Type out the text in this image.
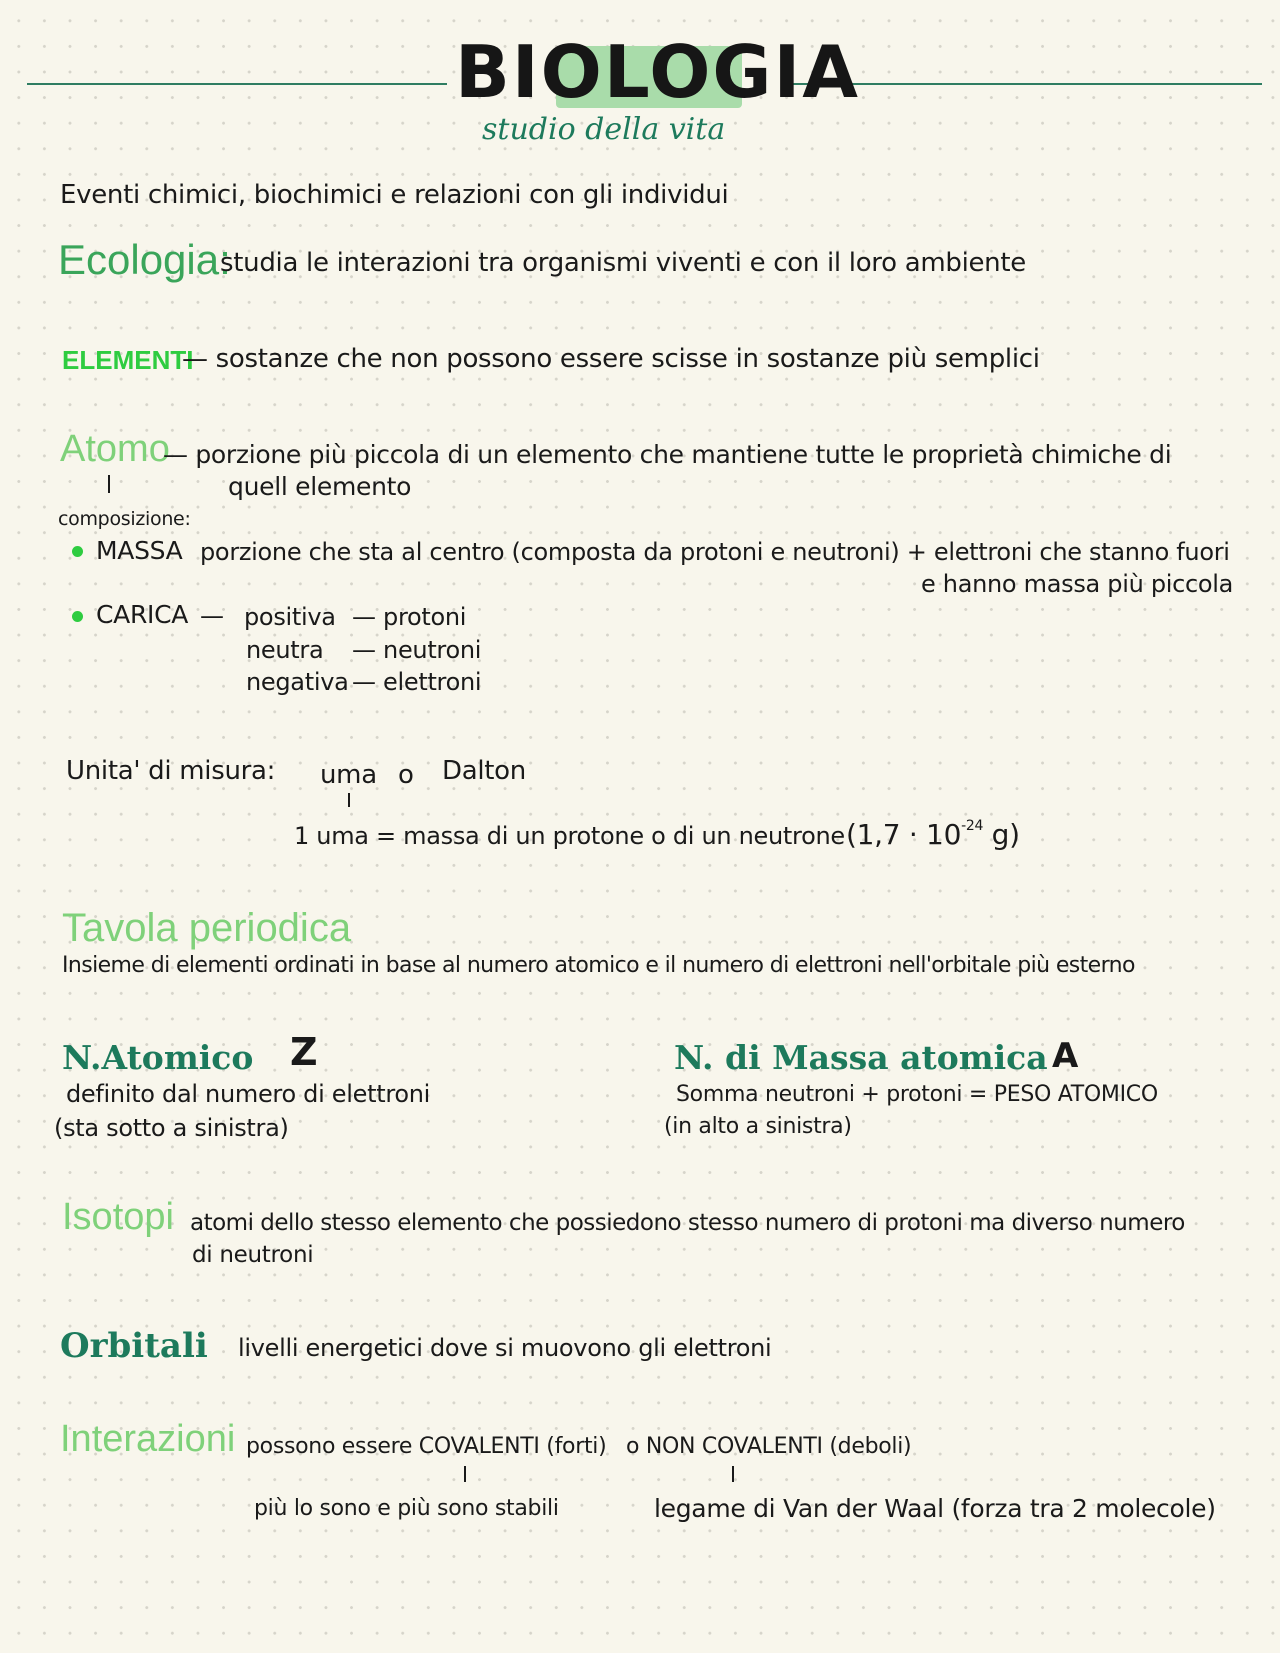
BIOLOGIA
studio della vita
Eventi chimici, biochimici e relazioni con gli individui
Ecologia:
studia le interazioni tra organismi viventi e con il loro ambiente
ELEMENTI
— sostanze che non possono essere scisse in sostanze più semplici
Atomo
— porzione più piccola di un elemento che mantiene tutte le proprietà chimiche di
quell elemento
composizione:
MASSA porzione che sta al centro (composta da protoni e neutroni) + elettroni che stanno fuori
e hanno massa più piccola
CARICA — positiva — protoni
neutra — neutroni
negativa — elettroni
Unita' di misura: uma o Dalton
1 uma = massa di un protone o di un neutrone ($1,7 \cdot 10^{-24}$ g)
Tavola periodica
Insieme di elementi ordinati in base al numero atomico e il numero di elettroni nell'orbitale più esterno
N.Atomico Z
definito dal numero di elettroni
(sta sotto a sinistra)
N. di Massa atomica A
Somma neutroni + protoni = PESO ATOMICO
(in alto a sinistra)
Isotopi atomi dello stesso elemento che possiedono stesso numero di protoni ma diverso numero
di neutroni
Orbitali livelli energetici dove si muovono gli elettroni
Interazioni possono essere COVALENTI (forti) o NON COVALENTI (deboli)
più lo sono e più sono stabili	legame di Van der Waal (forza tra 2 molecole)
